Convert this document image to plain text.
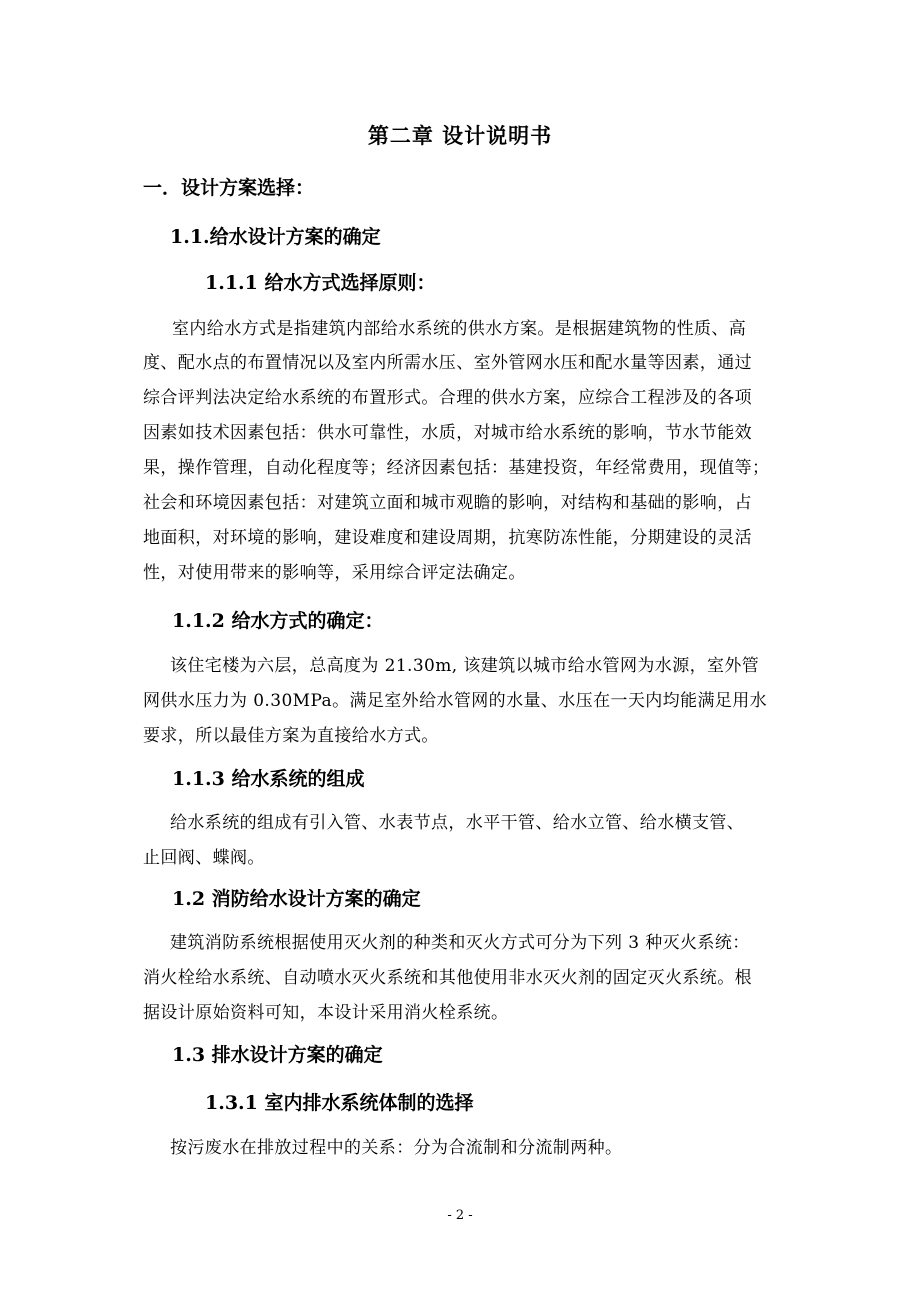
第二章 设计说明书
一．设计方案选择：
1.1.给水设计方案的确定
1.1.1 给水方式选择原则：
室内给水方式是指建筑内部给水系统的供水方案。是根据建筑物的性质、高
度、配水点的布置情况以及室内所需水压、室外管网水压和配水量等因素，通过
综合评判法决定给水系统的布置形式。合理的供水方案，应综合工程涉及的各项
因素如技术因素包括：供水可靠性，水质，对城市给水系统的影响，节水节能效
果，操作管理，自动化程度等；经济因素包括：基建投资，年经常费用，现值等；
社会和环境因素包括：对建筑立面和城市观瞻的影响，对结构和基础的影响，占
地面积，对环境的影响，建设难度和建设周期，抗寒防冻性能，分期建设的灵活
性，对使用带来的影响等，采用综合评定法确定。
1.1.2 给水方式的确定：
该住宅楼为六层，总高度为 21.30m, 该建筑以城市给水管网为水源，室外管
网供水压力为 0.30MPa。满足室外给水管网的水量、水压在一天内均能满足用水
要求，所以最佳方案为直接给水方式。
1.1.3 给水系统的组成
给水系统的组成有引入管、水表节点，水平干管、给水立管、给水横支管、
止回阀、蝶阀。
1.2 消防给水设计方案的确定
建筑消防系统根据使用灭火剂的种类和灭火方式可分为下列 3 种灭火系统：
消火栓给水系统、自动喷水灭火系统和其他使用非水灭火剂的固定灭火系统。根
据设计原始资料可知，本设计采用消火栓系统。
1.3 排水设计方案的确定
1.3.1 室内排水系统体制的选择
按污废水在排放过程中的关系：分为合流制和分流制两种。
- 2 -
